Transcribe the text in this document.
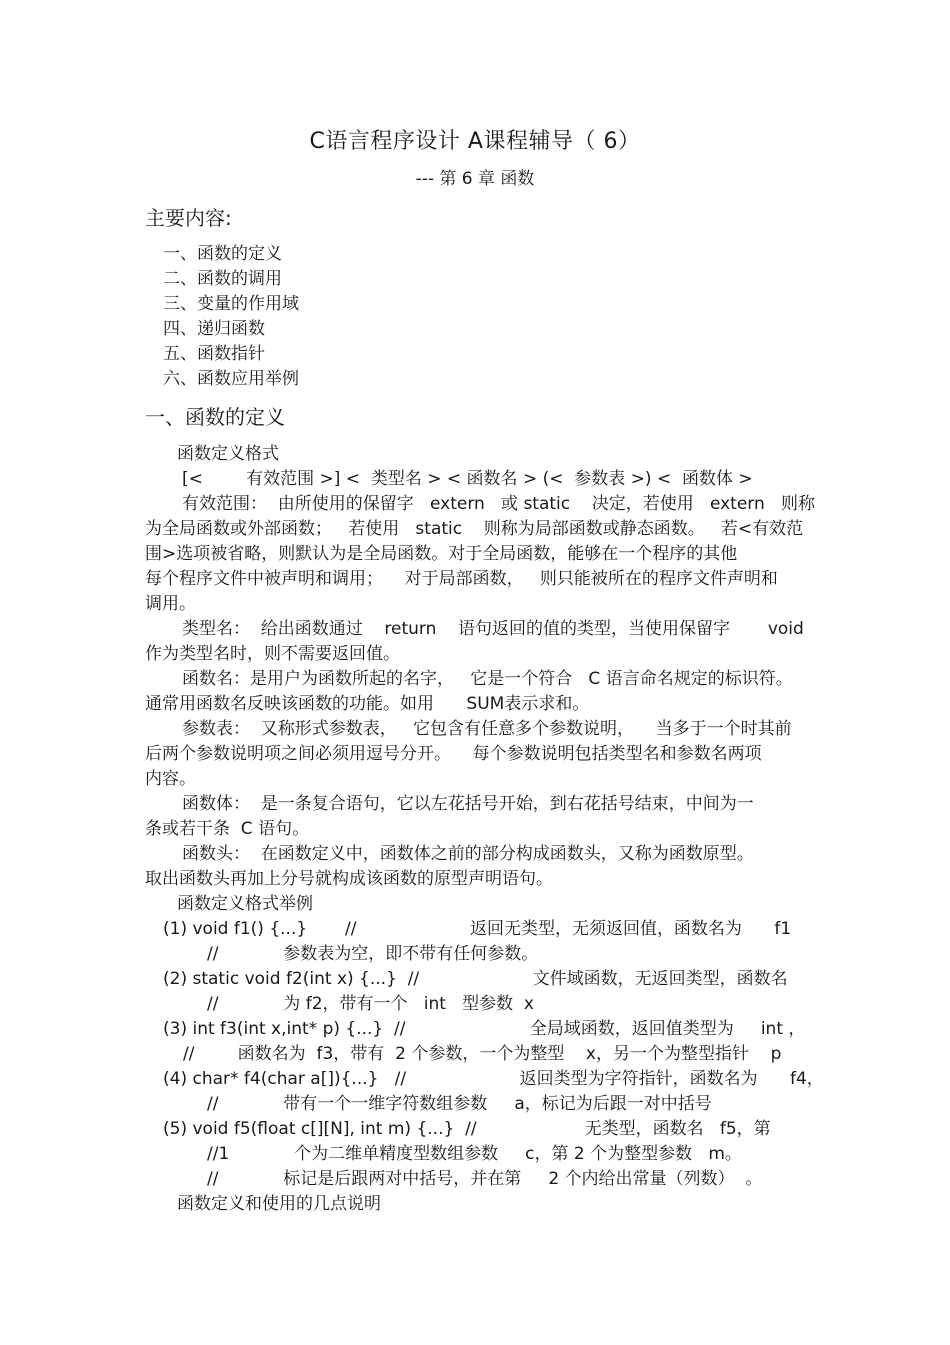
C语言程序设计 A课程辅导（ 6）
--- 第 6 章 函数
主要内容:
一、函数的定义
二、函数的调用
三、变量的作用域
四、递归函数
五、函数指针
六、函数应用举例
一、函数的定义
函数定义格式
[<        有效范围 >] <  类型名 > < 函数名 > (<  参数表 >) <  函数体 >
有效范围：  由所使用的保留字   extern   或 static    决定，若使用   extern   则称
为全局函数或外部函数；   若使用   static    则称为局部函数或静态函数。   若<有效范
围>选项被省略，则默认为是全局函数。对于全局函数，能够在一个程序的其他
每个程序文件中被声明和调用；    对于局部函数，   则只能被所在的程序文件声明和
调用。
类型名：  给出函数通过    return    语句返回的值的类型，当使用保留字       void
作为类型名时，则不需要返回值。
函数名：是用户为函数所起的名字，   它是一个符合   C 语言命名规定的标识符。
通常用函数名反映该函数的功能。如用      SUM表示求和。
参数表：  又称形式参数表，   它包含有任意多个参数说明，    当多于一个时其前
后两个参数说明项之间必须用逗号分开。    每个参数说明包括类型名和参数名两项
内容。
函数体：  是一条复合语句，它以左花括号开始，到右花括号结束，中间为一
条或若干条  C 语句。
函数头：  在函数定义中，函数体之前的部分构成函数头，又称为函数原型。
取出函数头再加上分号就构成该函数的原型声明语句。
函数定义格式举例
(1) void f1() {...}       //                     返回无类型，无须返回值，函数名为      f1
//            参数表为空，即不带有任何参数。
(2) static void f2(int x) {...}  //                     文件域函数，无返回类型，函数名
//            为 f2，带有一个   int   型参数  x
(3) int f3(int x,int* p) {...}  //                       全局域函数，返回值类型为     int ，
//        函数名为  f3，带有  2 个参数，一个为整型    x，另一个为整型指针    p
(4) char* f4(char a[]){...}   //                     返回类型为字符指针，函数名为      f4，
//            带有一个一维字符数组参数     a，标记为后跟一对中括号
(5) void f5(float c[][N], int m) {...}  //                    无类型，函数名   f5，第
//1            个为二维单精度型数组参数     c，第 2 个为整型参数   m。
//            标记是后跟两对中括号，并在第     2 个内给出常量（列数）  。
函数定义和使用的几点说明
